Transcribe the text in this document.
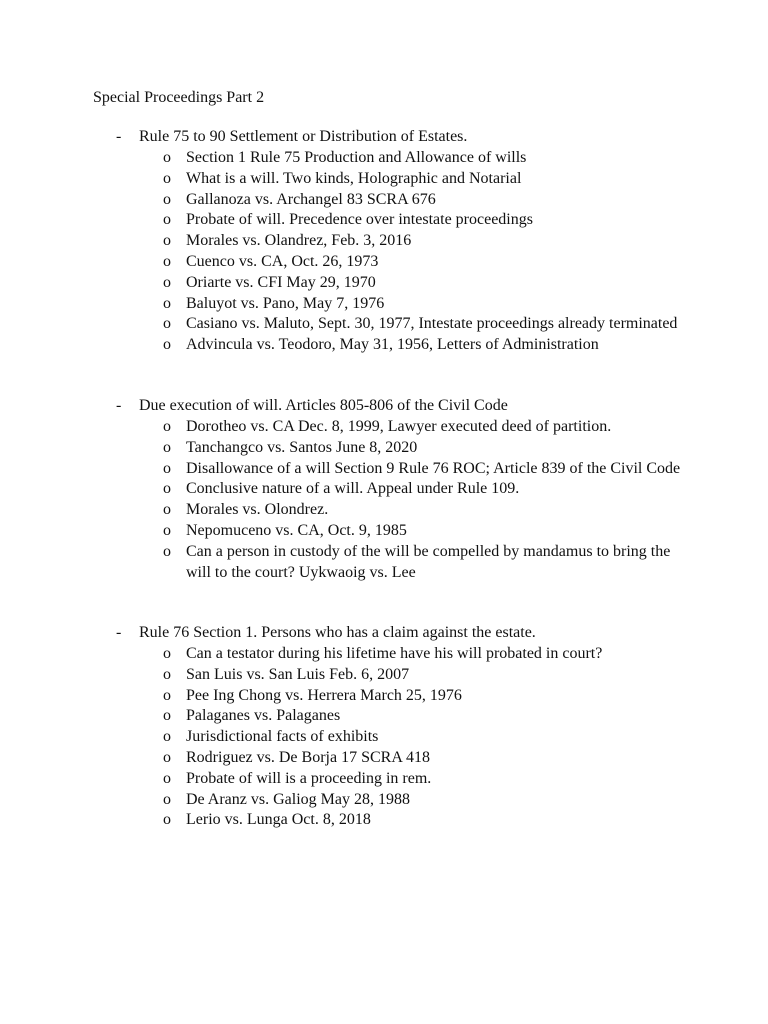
Special Proceedings Part 2
- Rule 75 to 90 Settlement or Distribution of Estates.
o Section 1 Rule 75 Production and Allowance of wills
o What is a will. Two kinds, Holographic and Notarial
o Gallanoza vs. Archangel 83 SCRA 676
o Probate of will. Precedence over intestate proceedings
o Morales vs. Olandrez, Feb. 3, 2016
o Cuenco vs. CA, Oct. 26, 1973
o Oriarte vs. CFI May 29, 1970
o Baluyot vs. Pano, May 7, 1976
o Casiano vs. Maluto, Sept. 30, 1977, Intestate proceedings already terminated
o Advincula vs. Teodoro, May 31, 1956, Letters of Administration
- Due execution of will. Articles 805-806 of the Civil Code
o Dorotheo vs. CA Dec. 8, 1999, Lawyer executed deed of partition.
o Tanchangco vs. Santos June 8, 2020
o Disallowance of a will Section 9 Rule 76 ROC; Article 839 of the Civil Code
o Conclusive nature of a will. Appeal under Rule 109.
o Morales vs. Olondrez.
o Nepomuceno vs. CA, Oct. 9, 1985
o Can a person in custody of the will be compelled by mandamus to bring the will to the court? Uykwaoig vs. Lee
- Rule 76 Section 1. Persons who has a claim against the estate.
o Can a testator during his lifetime have his will probated in court?
o San Luis vs. San Luis Feb. 6, 2007
o Pee Ing Chong vs. Herrera March 25, 1976
o Palaganes vs. Palaganes
o Jurisdictional facts of exhibits
o Rodriguez vs. De Borja 17 SCRA 418
o Probate of will is a proceeding in rem.
o De Aranz vs. Galiog May 28, 1988
o Lerio vs. Lunga Oct. 8, 2018
